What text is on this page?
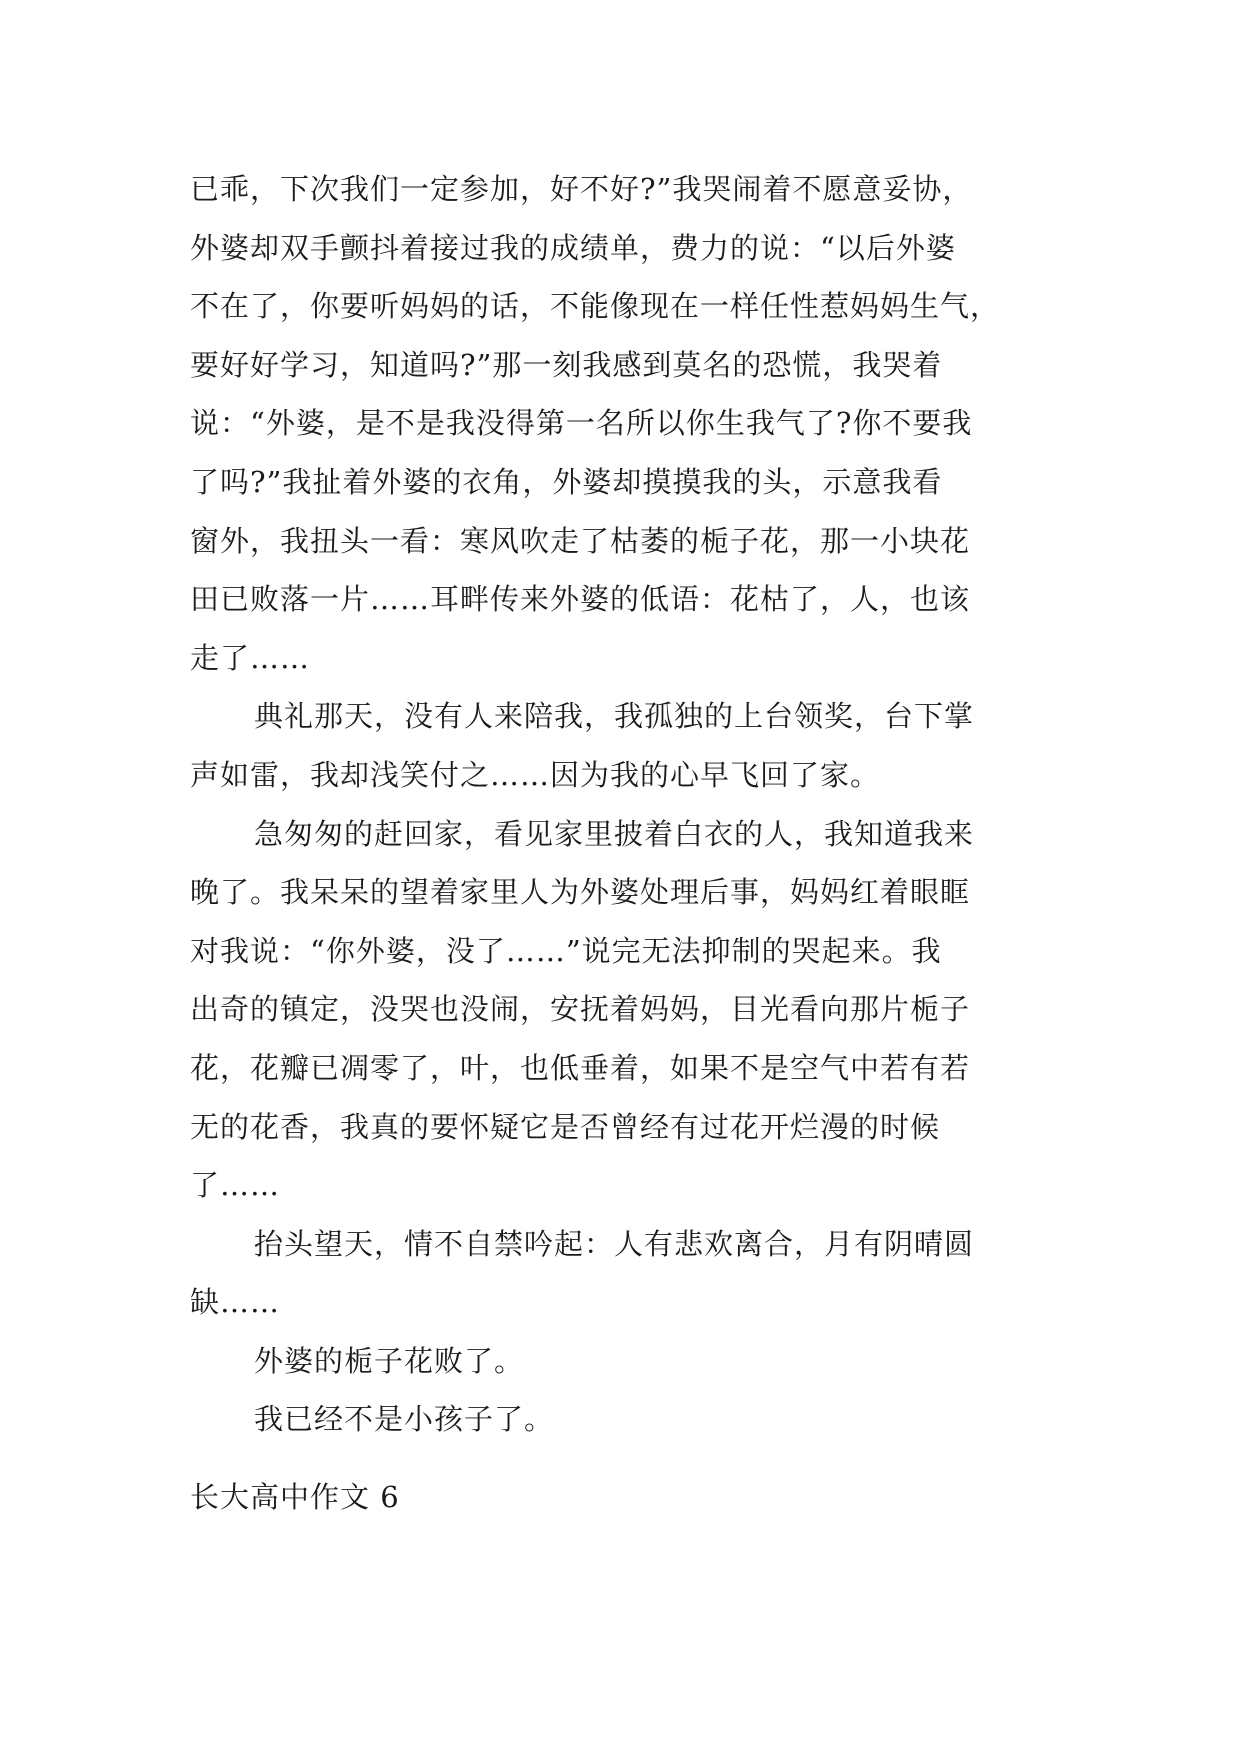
已乖，下次我们一定参加，好不好?”我哭闹着不愿意妥协，
外婆却双手颤抖着接过我的成绩单，费力的说：“以后外婆
不在了，你要听妈妈的话，不能像现在一样任性惹妈妈生气，
要好好学习，知道吗?”那一刻我感到莫名的恐慌，我哭着
说：“外婆，是不是我没得第一名所以你生我气了?你不要我
了吗?”我扯着外婆的衣角，外婆却摸摸我的头，示意我看
窗外，我扭头一看：寒风吹走了枯萎的栀子花，那一小块花
田已败落一片……耳畔传来外婆的低语：花枯了，人，也该
走了……
典礼那天，没有人来陪我，我孤独的上台领奖，台下掌
声如雷，我却浅笑付之……因为我的心早飞回了家。
急匆匆的赶回家，看见家里披着白衣的人，我知道我来
晚了。我呆呆的望着家里人为外婆处理后事，妈妈红着眼眶
对我说：“你外婆，没了……”说完无法抑制的哭起来。我
出奇的镇定，没哭也没闹，安抚着妈妈，目光看向那片栀子
花，花瓣已凋零了，叶，也低垂着，如果不是空气中若有若
无的花香，我真的要怀疑它是否曾经有过花开烂漫的时候
了……
抬头望天，情不自禁吟起：人有悲欢离合，月有阴晴圆
缺……
外婆的栀子花败了。
我已经不是小孩子了。
长大高中作文 6
